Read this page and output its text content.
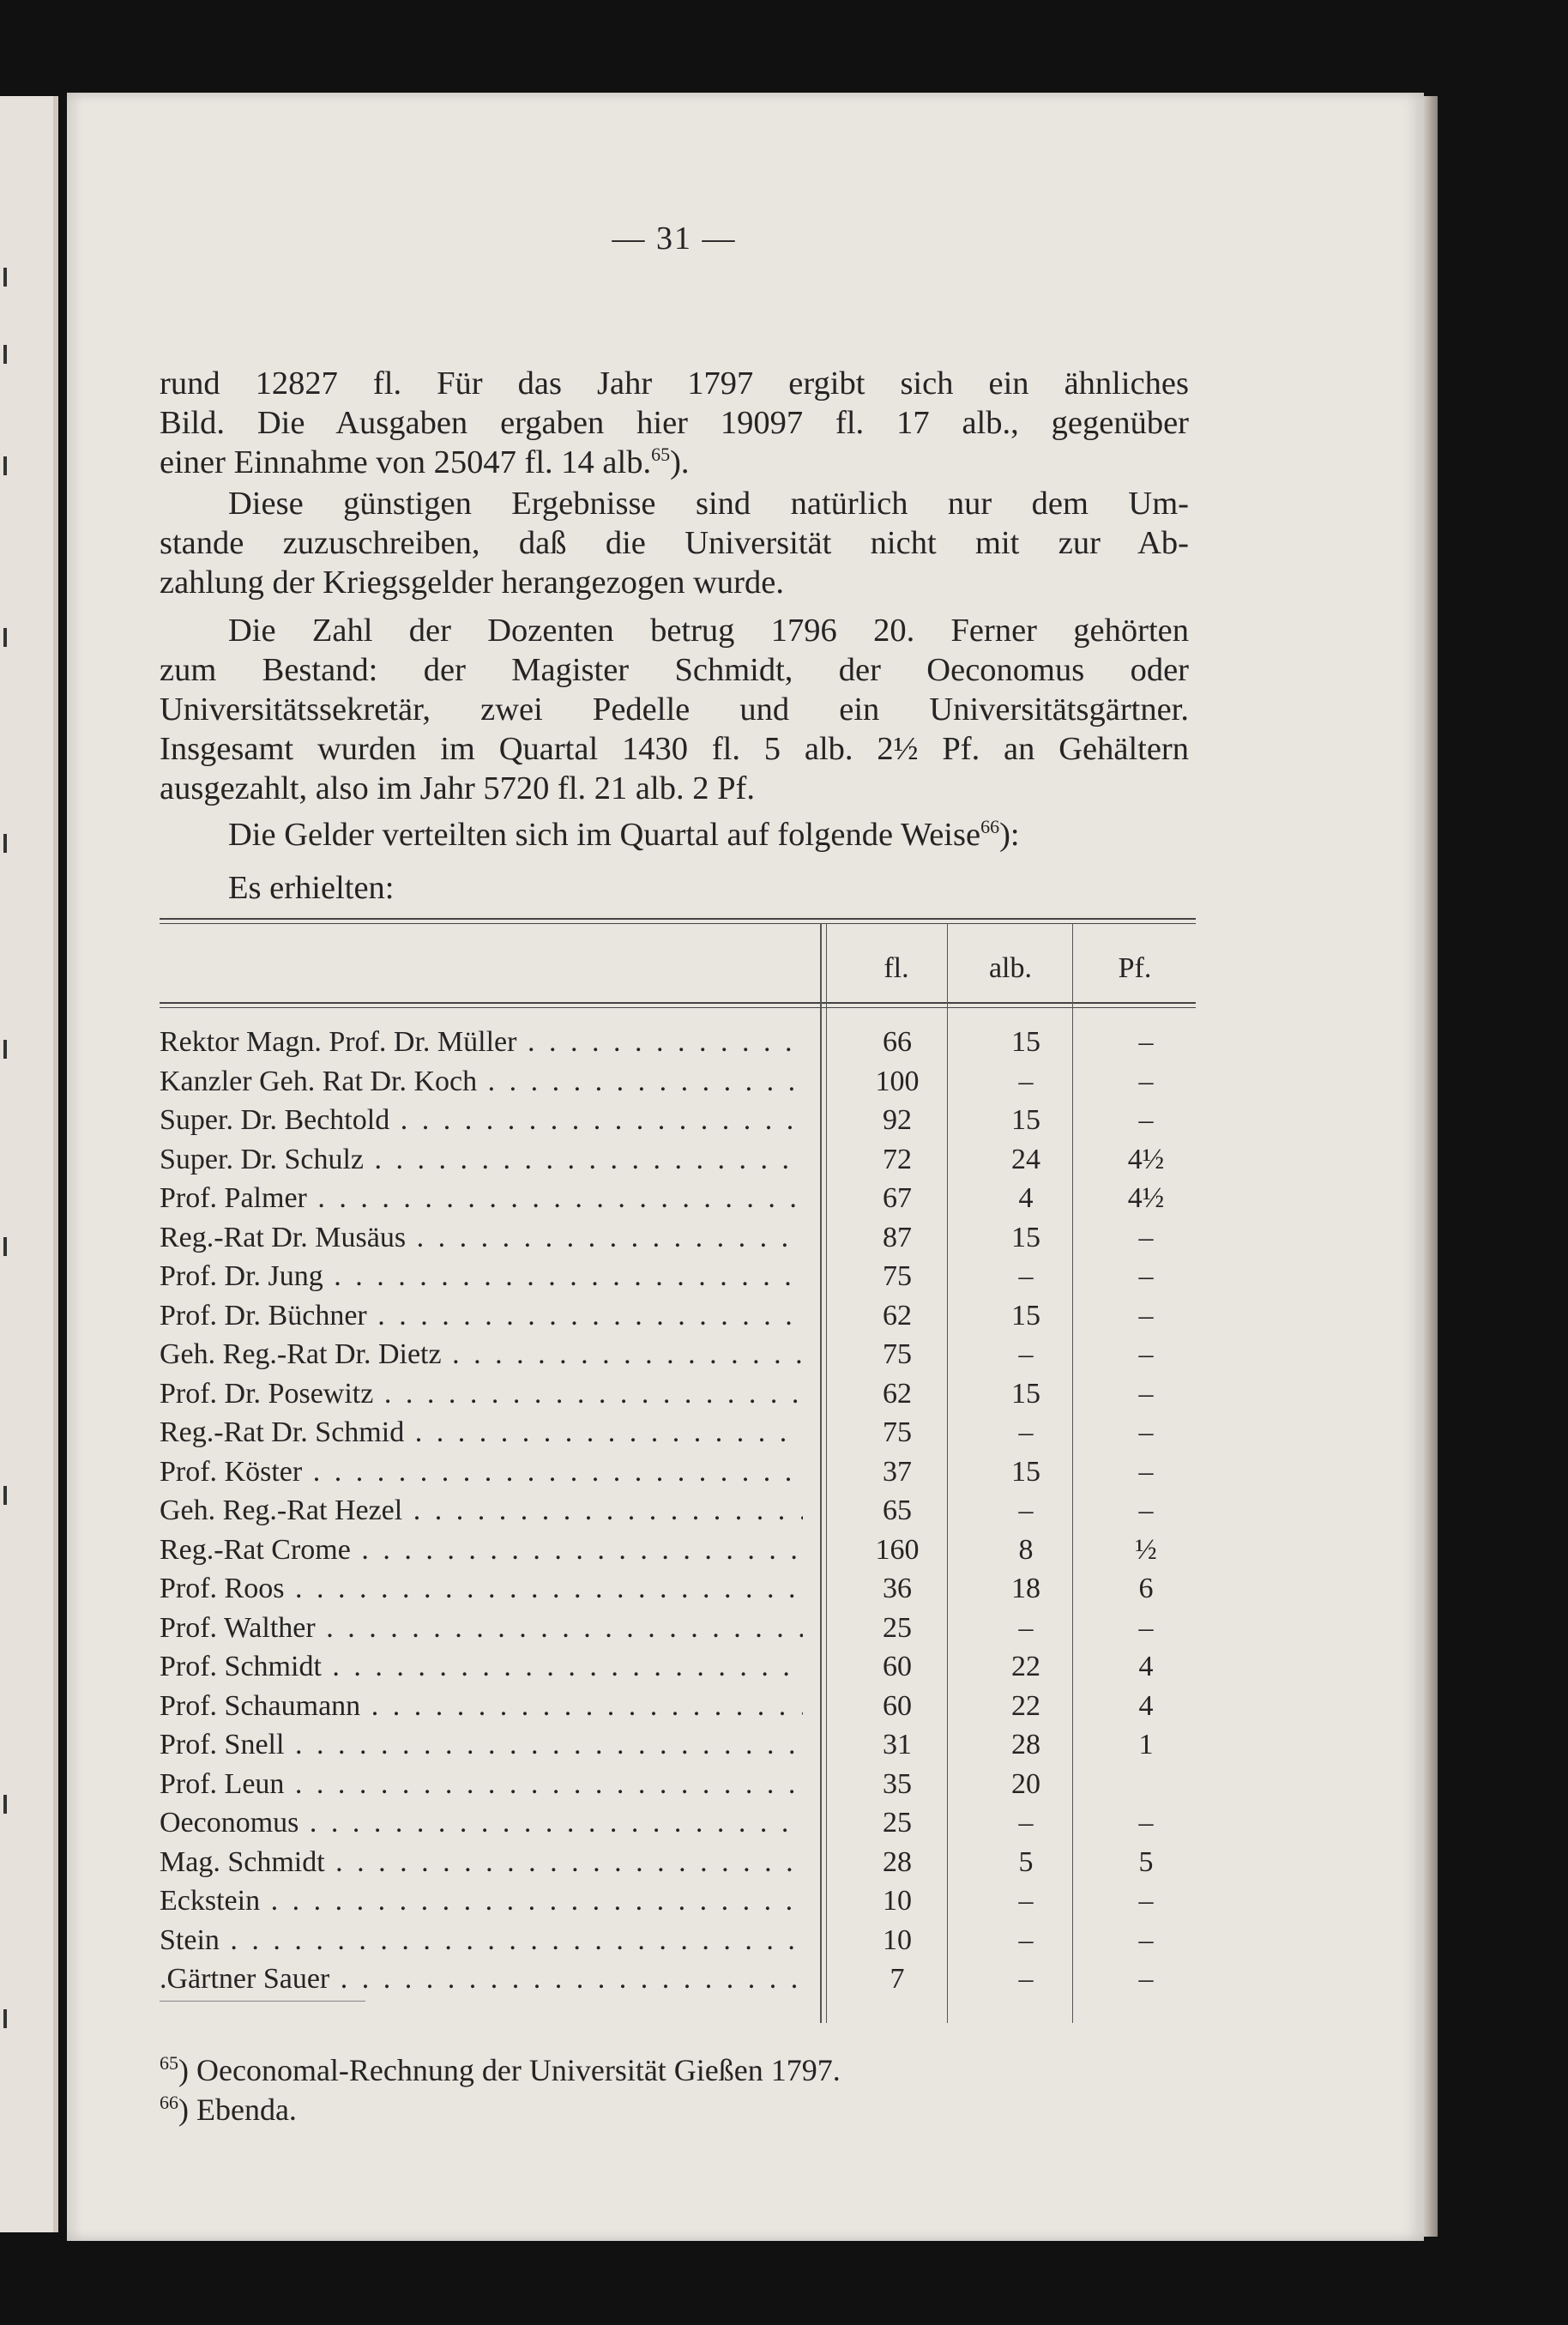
— 31 —
rund 12827 fl. Für das Jahr 1797 ergibt sich ein ähnliches
Bild. Die Ausgaben ergaben hier 19097 fl. 17 alb., gegenüber
einer Einnahme von 25047 fl. 14 alb.$^{65}$).
Diese günstigen Ergebnisse sind natürlich nur dem Um-
stande zuzuschreiben, daß die Universität nicht mit zur Ab-
zahlung der Kriegsgelder herangezogen wurde.
Die Zahl der Dozenten betrug 1796 20. Ferner gehörten
zum Bestand: der Magister Schmidt, der Oeconomus oder
Universitätssekretär, zwei Pedelle und ein Universitätsgärtner.
Insgesamt wurden im Quartal 1430 fl. 5 alb. 2½ Pf. an Gehältern
ausgezahlt, also im Jahr 5720 fl. 21 alb. 2 Pf.
Die Gelder verteilten sich im Quartal auf folgende Weise$^{66}$):
Es erhielten:
fl.	alb.	Pf.
Rektor Magn. Prof. Dr. Müller . . .	66	15	–
Kanzler Geh. Rat Dr. Koch . . .	100	–	–
Super. Dr. Bechtold . . .	92	15	–
Super. Dr. Schulz . . .	72	24	4½
Prof. Palmer . . .	67	4	4½
Reg.-Rat Dr. Musäus . . .	87	15	–
Prof. Dr. Jung . . .	75	–	–
Prof. Dr. Büchner . . .	62	15	–
Geh. Reg.-Rat Dr. Dietz . . .	75	–	–
Prof. Dr. Posewitz . . .	62	15	–
Reg.-Rat Dr. Schmid . . .	75	–	–
Prof. Köster . . .	37	15	–
Geh. Reg.-Rat Hezel . . .	65	–	–
Reg.-Rat Crome . . .	160	8	½
Prof. Roos . . .	36	18	6
Prof. Walther . . .	25	–	–
Prof. Schmidt . . .	60	22	4
Prof. Schaumann . . .	60	22	4
Prof. Snell . . .	31	28	1
Prof. Leun . . .	35	20
Oeconomus . . .	25	–	–
Mag. Schmidt . . .	28	5	5
Eckstein . . .	10	–	–
Stein . . .	10	–	–
.Gärtner Sauer . . .	7	–	–
$^{65}$) Oeconomal-Rechnung der Universität Gießen 1797.
$^{66}$) Ebenda.
